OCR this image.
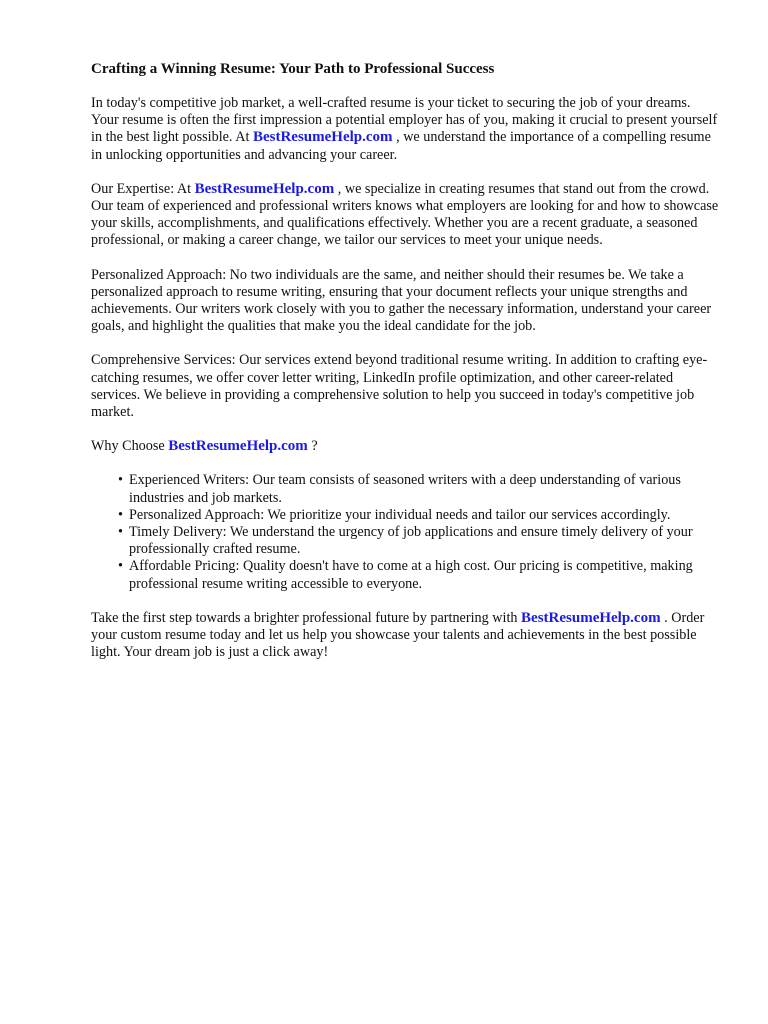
Crafting a Winning Resume: Your Path to Professional Success

In today's competitive job market, a well-crafted resume is your ticket to securing the job of your dreams. Your resume is often the first impression a potential employer has of you, making it crucial to present yourself in the best light possible. At BestResumeHelp.com , we understand the importance of a compelling resume in unlocking opportunities and advancing your career.

Our Expertise: At BestResumeHelp.com , we specialize in creating resumes that stand out from the crowd. Our team of experienced and professional writers knows what employers are looking for and how to showcase your skills, accomplishments, and qualifications effectively. Whether you are a recent graduate, a seasoned professional, or making a career change, we tailor our services to meet your unique needs.

Personalized Approach: No two individuals are the same, and neither should their resumes be. We take a personalized approach to resume writing, ensuring that your document reflects your unique strengths and achievements. Our writers work closely with you to gather the necessary information, understand your career goals, and highlight the qualities that make you the ideal candidate for the job.

Comprehensive Services: Our services extend beyond traditional resume writing. In addition to crafting eye-catching resumes, we offer cover letter writing, LinkedIn profile optimization, and other career-related services. We believe in providing a comprehensive solution to help you succeed in today's competitive job market.

Why Choose BestResumeHelp.com ?

• Experienced Writers: Our team consists of seasoned writers with a deep understanding of various industries and job markets.
• Personalized Approach: We prioritize your individual needs and tailor our services accordingly.
• Timely Delivery: We understand the urgency of job applications and ensure timely delivery of your professionally crafted resume.
• Affordable Pricing: Quality doesn't have to come at a high cost. Our pricing is competitive, making professional resume writing accessible to everyone.

Take the first step towards a brighter professional future by partnering with BestResumeHelp.com . Order your custom resume today and let us help you showcase your talents and achievements in the best possible light. Your dream job is just a click away!
